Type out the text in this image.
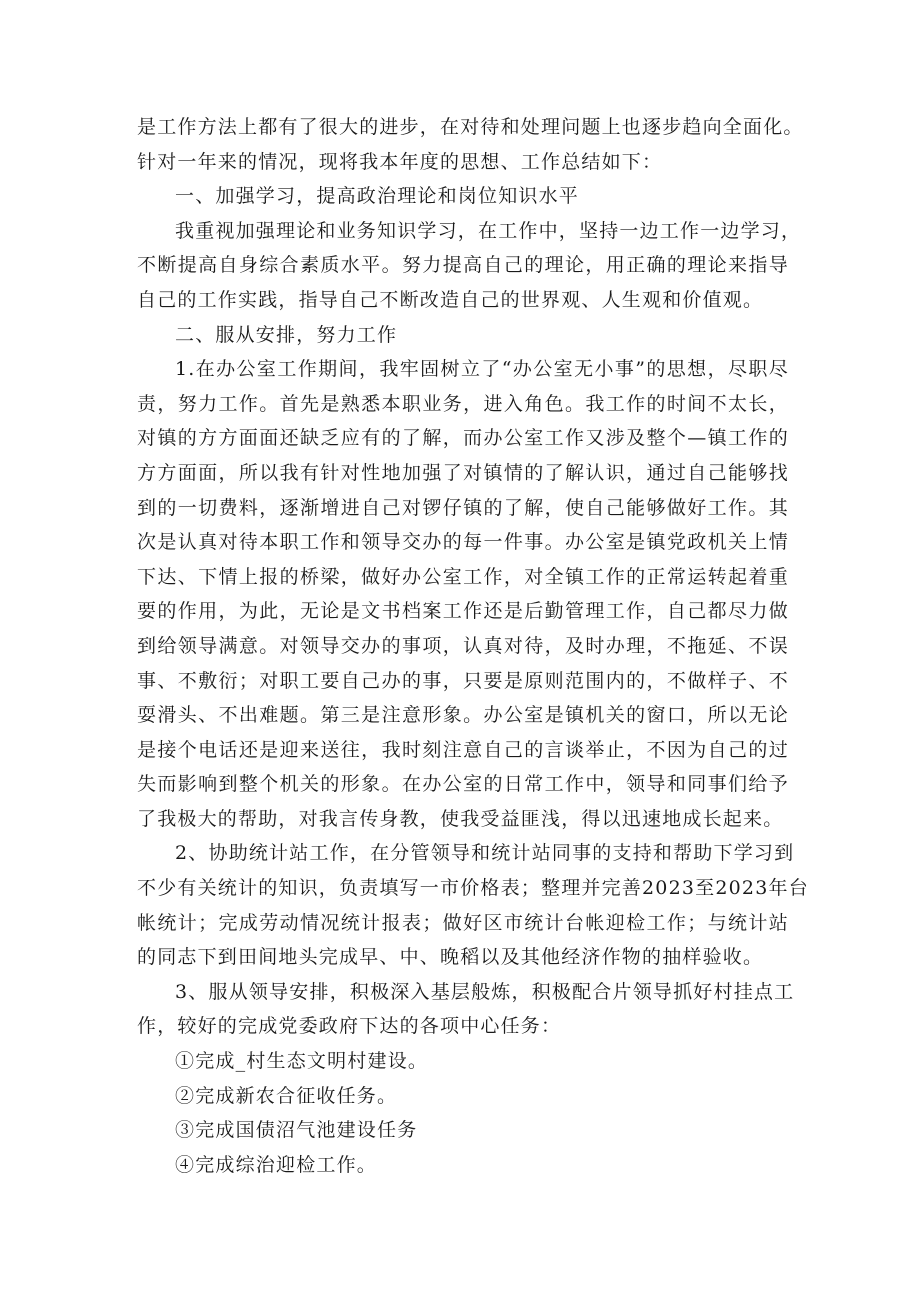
是工作方法上都有了很大的进步，在对待和处理问题上也逐步趋向全面化。
针对一年来的情况，现将我本年度的思想、工作总结如下：
一、加强学习，提高政治理论和岗位知识水平
我重视加强理论和业务知识学习，在工作中，坚持一边工作一边学习，
不断提高自身综合素质水平。努力提高自己的理论，用正确的理论来指导
自己的工作实践，指导自己不断改造自己的世界观、人生观和价值观。
二、服从安排，努力工作
1.在办公室工作期间，我牢固树立了“办公室无小事”的思想，尽职尽
责，努力工作。首先是熟悉本职业务，进入角色。我工作的时间不太长，
对镇的方方面面还缺乏应有的了解，而办公室工作又涉及整个—镇工作的
方方面面，所以我有针对性地加强了对镇情的了解认识，通过自己能够找
到的一切费料，逐渐增进自己对锣仔镇的了解，使自己能够做好工作。其
次是认真对待本职工作和领导交办的每一件事。办公室是镇党政机关上情
下达、下情上报的桥梁，做好办公室工作，对全镇工作的正常运转起着重
要的作用，为此，无论是文书档案工作还是后勤管理工作，自己都尽力做
到给领导满意。对领导交办的事项，认真对待，及时办理，不拖延、不误
事、不敷衍；对职工要自己办的事，只要是原则范围内的，不做样子、不
耍滑头、不出难题。第三是注意形象。办公室是镇机关的窗口，所以无论
是接个电话还是迎来送往，我时刻注意自己的言谈举止，不因为自己的过
失而影响到整个机关的形象。在办公室的日常工作中，领导和同事们给予
了我极大的帮助，对我言传身教，使我受益匪浅，得以迅速地成长起来。
2、协助统计站工作，在分管领导和统计站同事的支持和帮助下学习到
不少有关统计的知识，负责填写一市价格表；整理并完善2023至2023年台
帐统计；完成劳动情况统计报表；做好区市统计台帐迎检工作；与统计站
的同志下到田间地头完成早、中、晚稻以及其他经济作物的抽样验收。
3、服从领导安排，积极深入基层般炼，积极配合片领导抓好村挂点工
作，较好的完成党委政府下达的各项中心任务：
①完成_村生态文明村建设。
②完成新农合征收任务。
③完成国债沼气池建设任务
④完成综治迎检工作。
